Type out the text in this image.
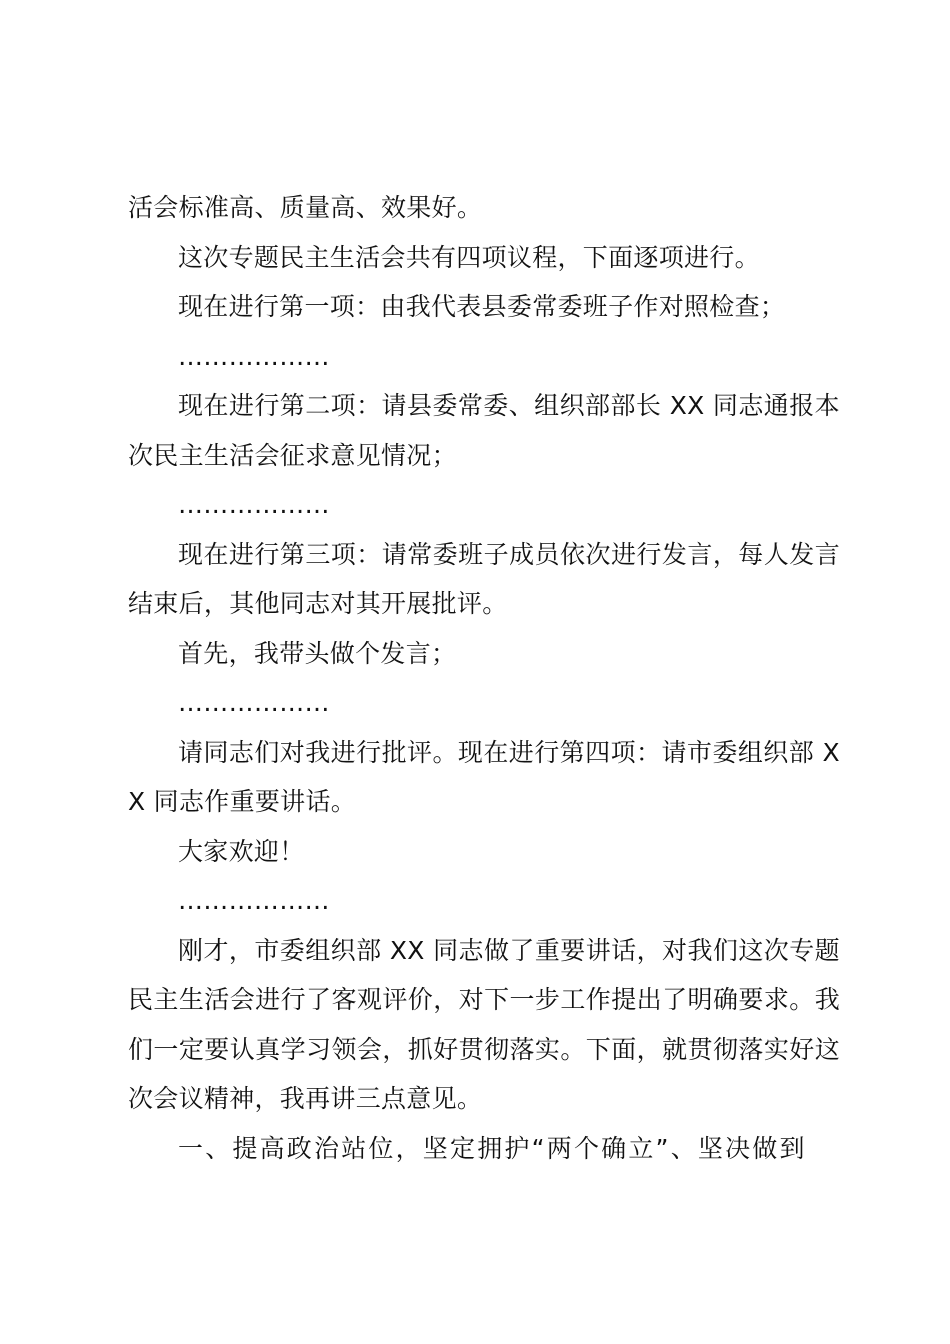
活会标准高、质量高、效果好。

这次专题民主生活会共有四项议程，下面逐项进行。

现在进行第一项：由我代表县委常委班子作对照检查；

………………

现在进行第二项：请县委常委、组织部部长 XX 同志通报本次民主生活会征求意见情况；

………………

现在进行第三项：请常委班子成员依次进行发言，每人发言结束后，其他同志对其开展批评。

首先，我带头做个发言；

………………

请同志们对我进行批评。现在进行第四项：请市委组织部 XX 同志作重要讲话。

大家欢迎！

………………

刚才，市委组织部 XX 同志做了重要讲话，对我们这次专题民主生活会进行了客观评价，对下一步工作提出了明确要求。我们一定要认真学习领会，抓好贯彻落实。下面，就贯彻落实好这次会议精神，我再讲三点意见。

一、提高政治站位，坚定拥护“两个确立”、坚决做到
